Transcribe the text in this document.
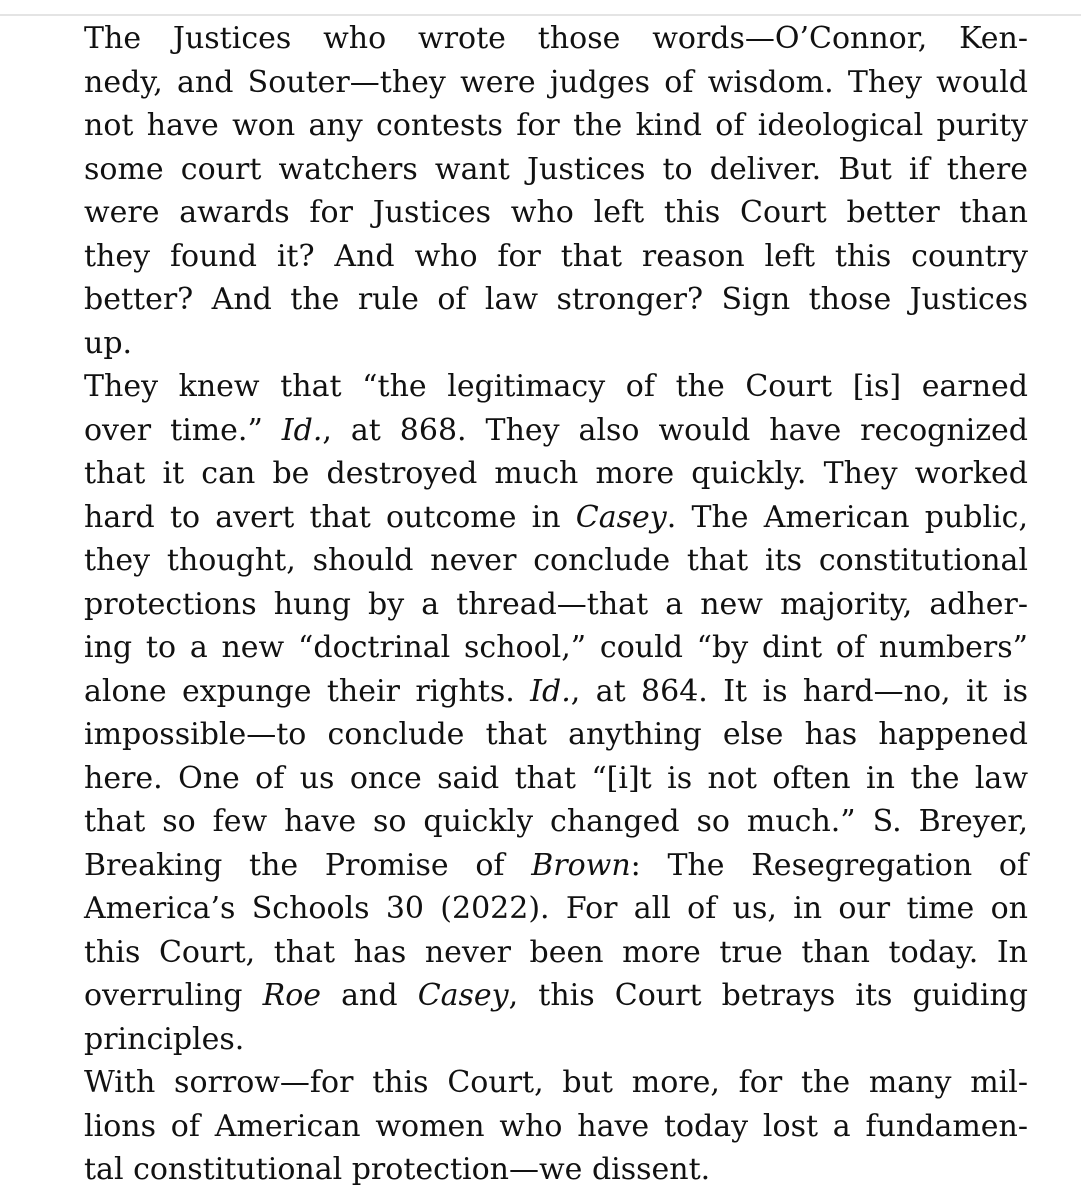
The Justices who wrote those words—O’Connor, Ken-
nedy, and Souter—they were judges of wisdom. They would
not have won any contests for the kind of ideological purity
some court watchers want Justices to deliver. But if there
were awards for Justices who left this Court better than
they found it? And who for that reason left this country
better? And the rule of law stronger? Sign those Justices
up.

They knew that “the legitimacy of the Court [is] earned
over time.” Id., at 868. They also would have recognized
that it can be destroyed much more quickly. They worked
hard to avert that outcome in Casey. The American public,
they thought, should never conclude that its constitutional
protections hung by a thread—that a new majority, adher-
ing to a new “doctrinal school,” could “by dint of numbers”
alone expunge their rights. Id., at 864. It is hard—no, it is
impossible—to conclude that anything else has happened
here. One of us once said that “[i]t is not often in the law
that so few have so quickly changed so much.” S. Breyer,
Breaking the Promise of Brown: The Resegregation of
America’s Schools 30 (2022). For all of us, in our time on
this Court, that has never been more true than today. In
overruling Roe and Casey, this Court betrays its guiding
principles.

With sorrow—for this Court, but more, for the many mil-
lions of American women who have today lost a fundamen-
tal constitutional protection—we dissent.
